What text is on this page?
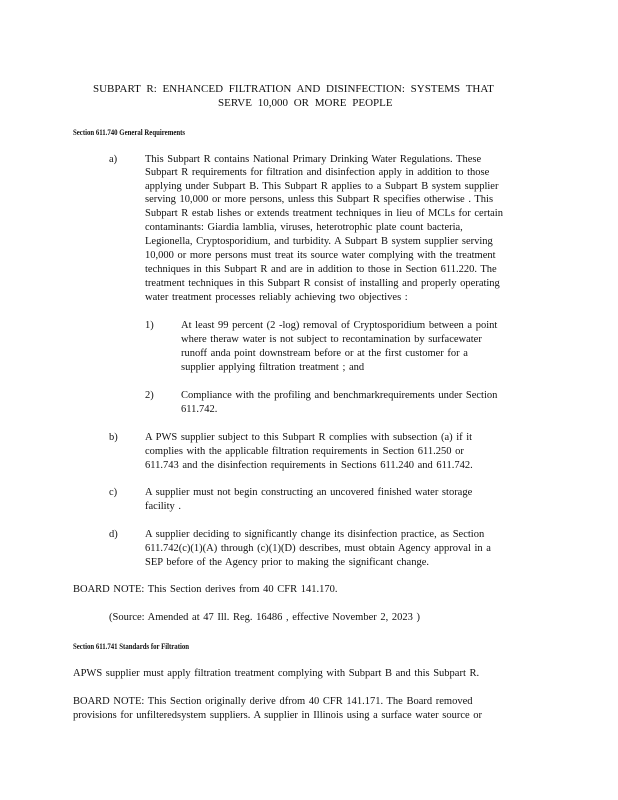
SUBPART R: ENHANCED FILTRATION AND DISINFECTION: SYSTEMS THAT
SERVE 10,000 OR MORE PEOPLE
Section 611.740 General Requirements
a)	This Subpart R contains National Primary Drinking Water Regulations. These
Subpart R requirements for filtration and disinfection apply in addition to those
applying under Subpart B. This Subpart R applies to a Subpart B system supplier
serving 10,000 or more persons, unless this Subpart R specifies otherwise . This
Subpart R estab lishes or extends treatment techniques in lieu of MCLs for certain
contaminants: Giardia lamblia, viruses, heterotrophic plate count bacteria,
Legionella, Cryptosporidium, and turbidity. A Subpart B system supplier serving
10,000 or more persons must treat its source water complying with the treatment
techniques in this Subpart R and are in addition to those in Section 611.220. The
treatment techniques in this Subpart R consist of installing and properly operating
water treatment processes reliably achieving two objectives :
1)	At least 99 percent (2 -log) removal of Cryptosporidium between a point
where theraw water is not subject to recontamination by surfacewater
runoff anda point downstream before or at the first customer for a
supplier applying filtration treatment ; and
2)	Compliance with the profiling and benchmarkrequirements under Section
611.742.
b)	A PWS supplier subject to this Subpart R complies with subsection (a) if it
complies with the applicable filtration requirements in Section 611.250 or
611.743 and the disinfection requirements in Sections 611.240 and 611.742.
c)	A supplier must not begin constructing an uncovered finished water storage
facility .
d)	A supplier deciding to significantly change its disinfection practice, as Section
611.742(c)(1)(A) through (c)(1)(D) describes, must obtain Agency approval in a
SEP before of the Agency prior to making the significant change.
BOARD NOTE: This Section derives from 40 CFR 141.170.
(Source: Amended at 47 Ill. Reg. 16486 , effective November 2, 2023 )
Section 611.741 Standards for Filtration
APWS supplier must apply filtration treatment complying with Subpart B and this Subpart R.
BOARD NOTE: This Section originally derive dfrom 40 CFR 141.171. The Board removed
provisions for unfilteredsystem suppliers. A supplier in Illinois using a surface water source or
